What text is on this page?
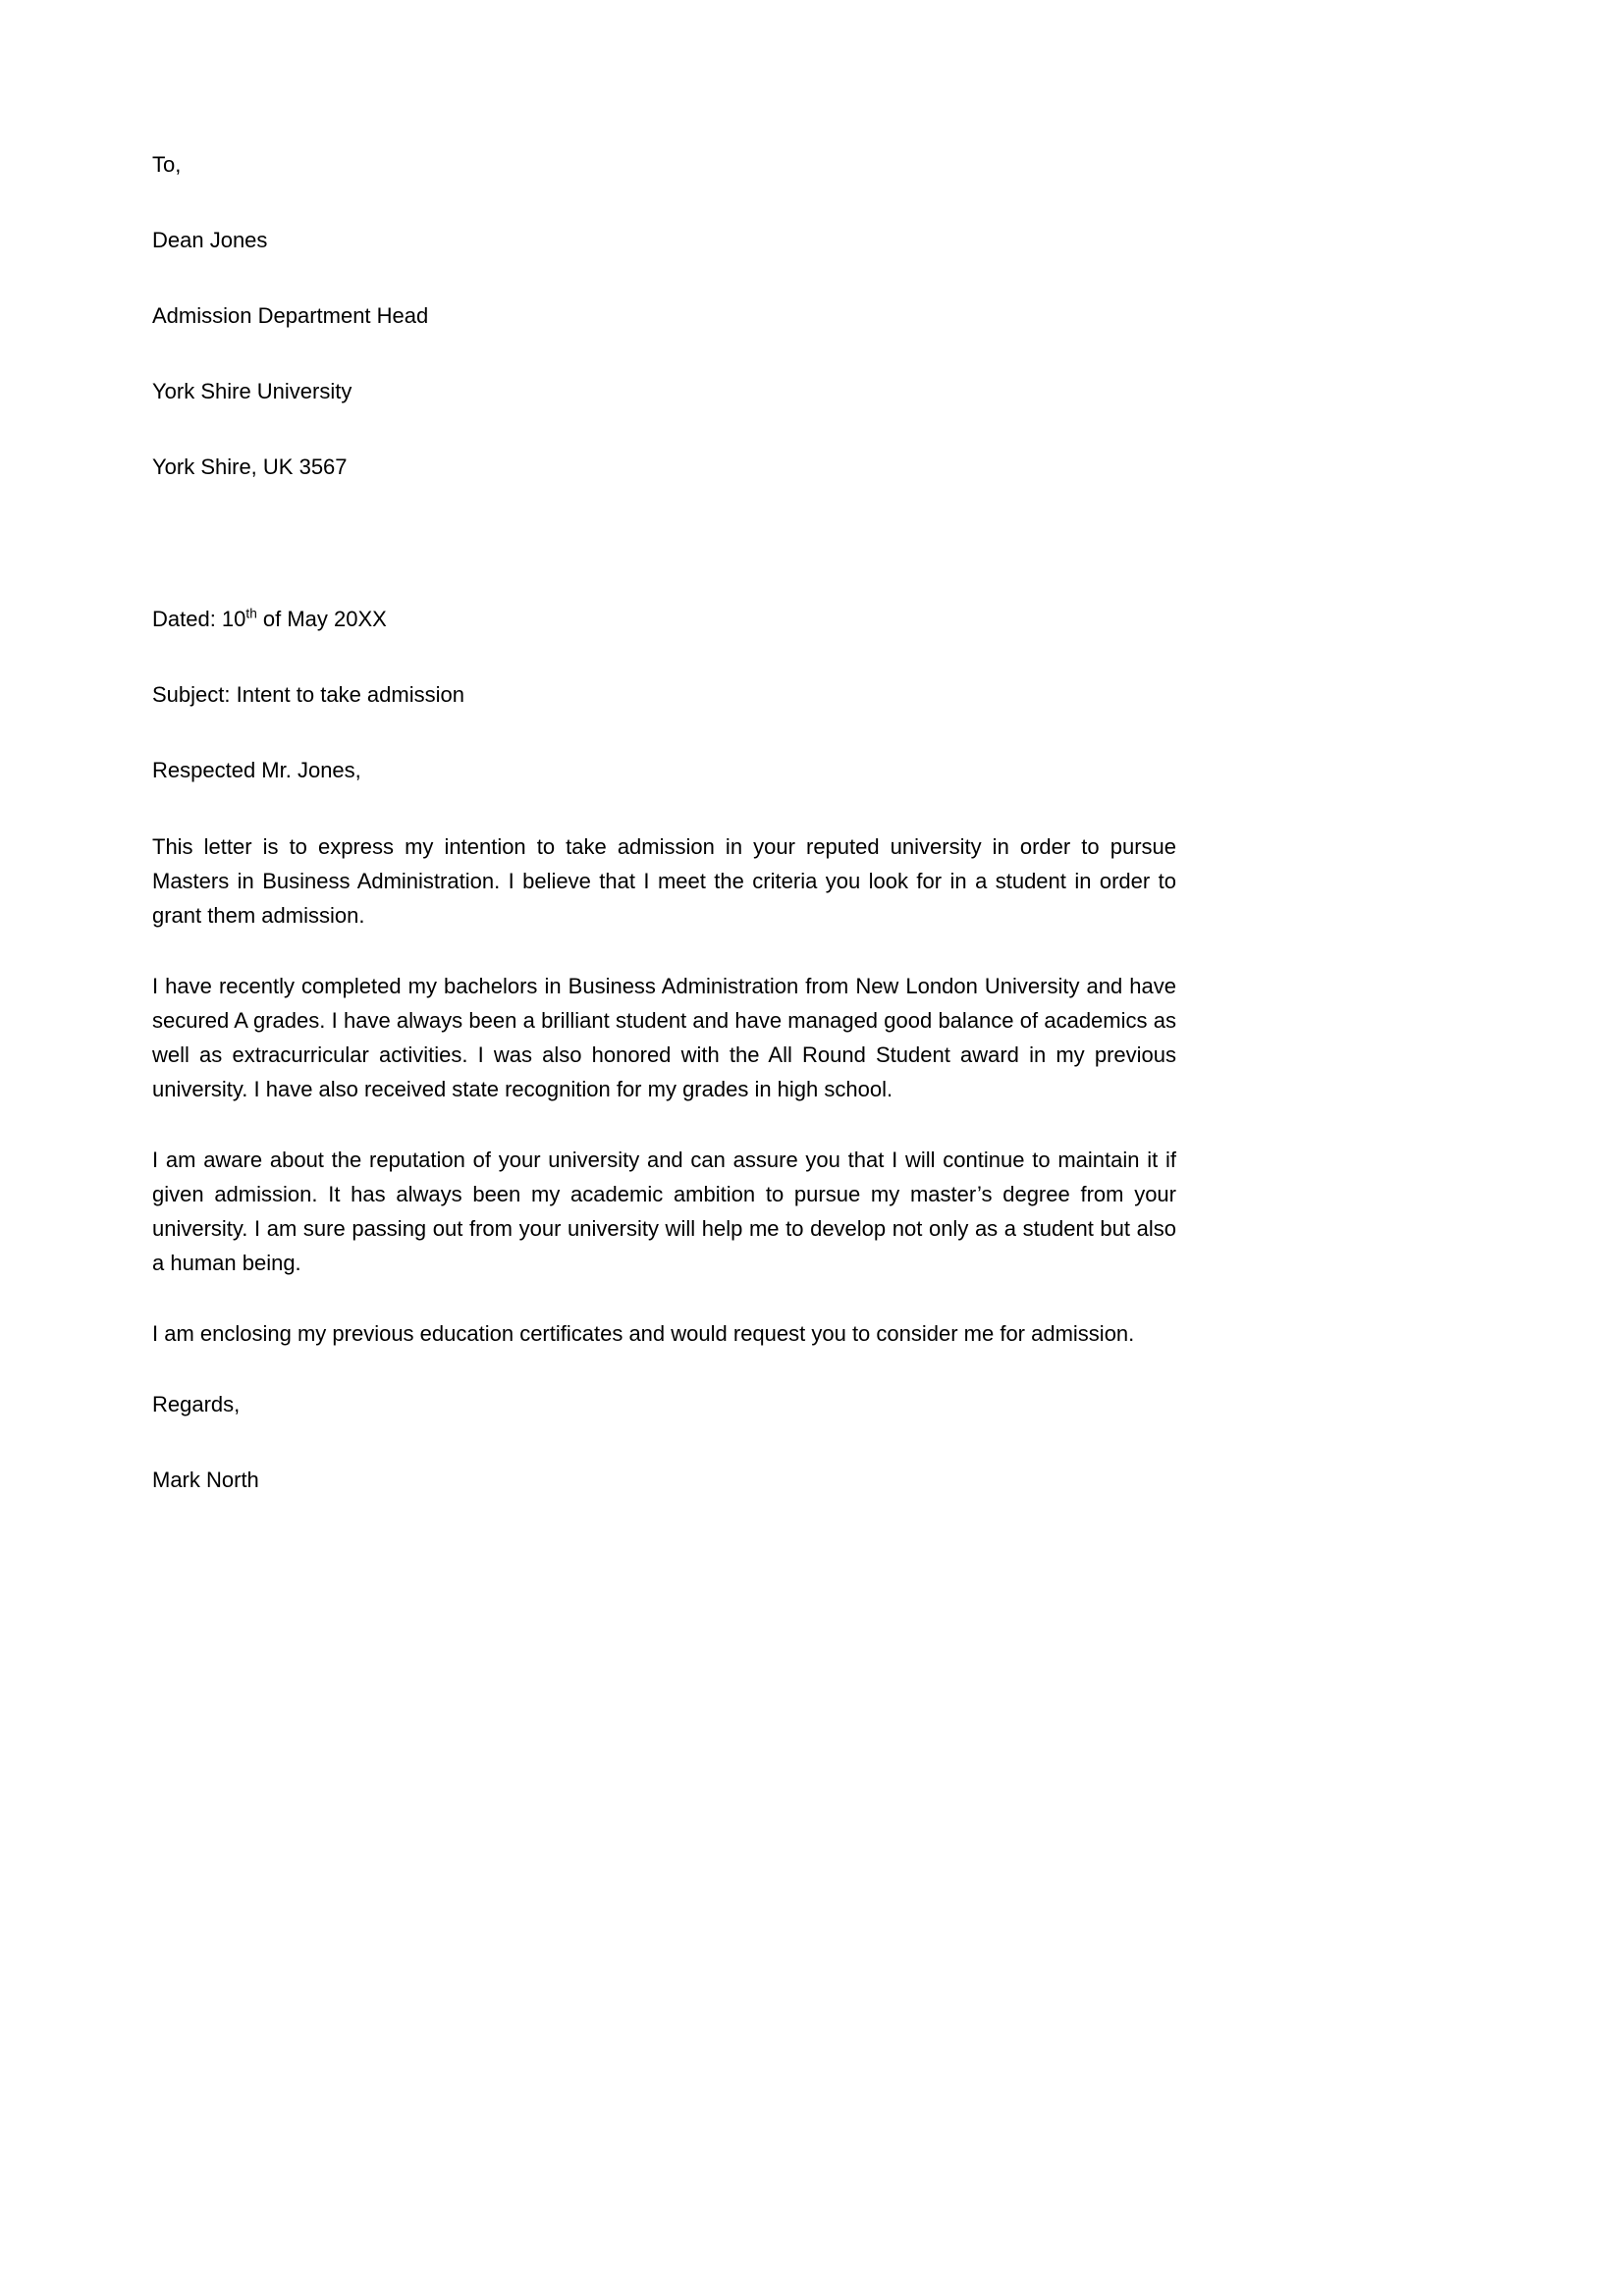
To,

Dean Jones

Admission Department Head

York Shire University

York Shire, UK 3567

Dated: 10th of May 20XX

Subject: Intent to take admission

Respected Mr. Jones,

This letter is to express my intention to take admission in your reputed university in order to pursue Masters in Business Administration. I believe that I meet the criteria you look for in a student in order to grant them admission.

I have recently completed my bachelors in Business Administration from New London University and have secured A grades. I have always been a brilliant student and have managed good balance of academics as well as extracurricular activities. I was also honored with the All Round Student award in my previous university. I have also received state recognition for my grades in high school.

I am aware about the reputation of your university and can assure you that I will continue to maintain it if given admission. It has always been my academic ambition to pursue my master’s degree from your university. I am sure passing out from your university will help me to develop not only as a student but also a human being.

I am enclosing my previous education certificates and would request you to consider me for admission.

Regards,

Mark North
